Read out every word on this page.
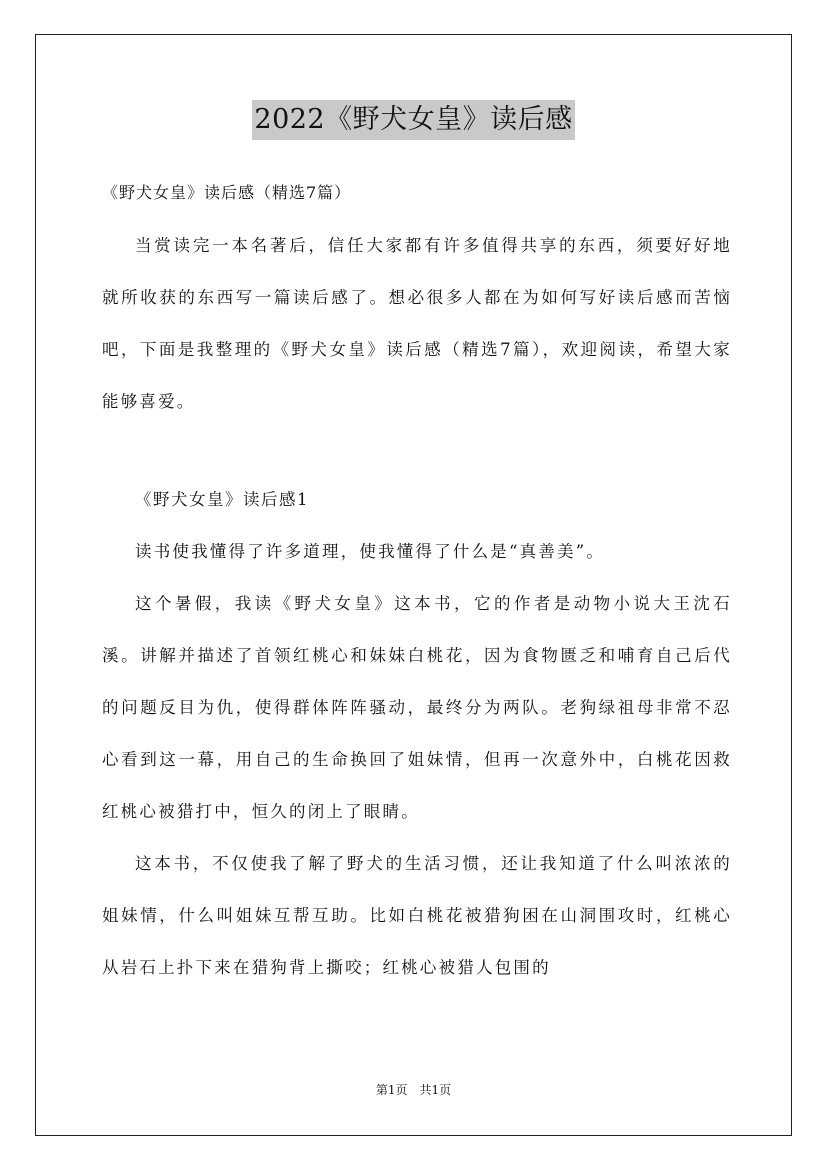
2022《野犬女皇》读后感

《野犬女皇》读后感（精选7篇）

当赏读完一本名著后，信任大家都有许多值得共享的东西，须要好好地就所收获的东西写一篇读后感了。想必很多人都在为如何写好读后感而苦恼吧，下面是我整理的《野犬女皇》读后感（精选7篇），欢迎阅读，希望大家能够喜爱。

《野犬女皇》读后感1

读书使我懂得了许多道理，使我懂得了什么是“真善美”。

这个暑假，我读《野犬女皇》这本书，它的作者是动物小说大王沈石溪。讲解并描述了首领红桃心和妹妹白桃花，因为食物匮乏和哺育自己后代的问题反目为仇，使得群体阵阵骚动，最终分为两队。老狗绿祖母非常不忍心看到这一幕，用自己的生命换回了姐妹情，但再一次意外中，白桃花因救红桃心被猎打中，恒久的闭上了眼睛。

这本书，不仅使我了解了野犬的生活习惯，还让我知道了什么叫浓浓的姐妹情，什么叫姐妹互帮互助。比如白桃花被猎狗困在山洞围攻时，红桃心从岩石上扑下来在猎狗背上撕咬；红桃心被猎人包围的

第1页　共1页
